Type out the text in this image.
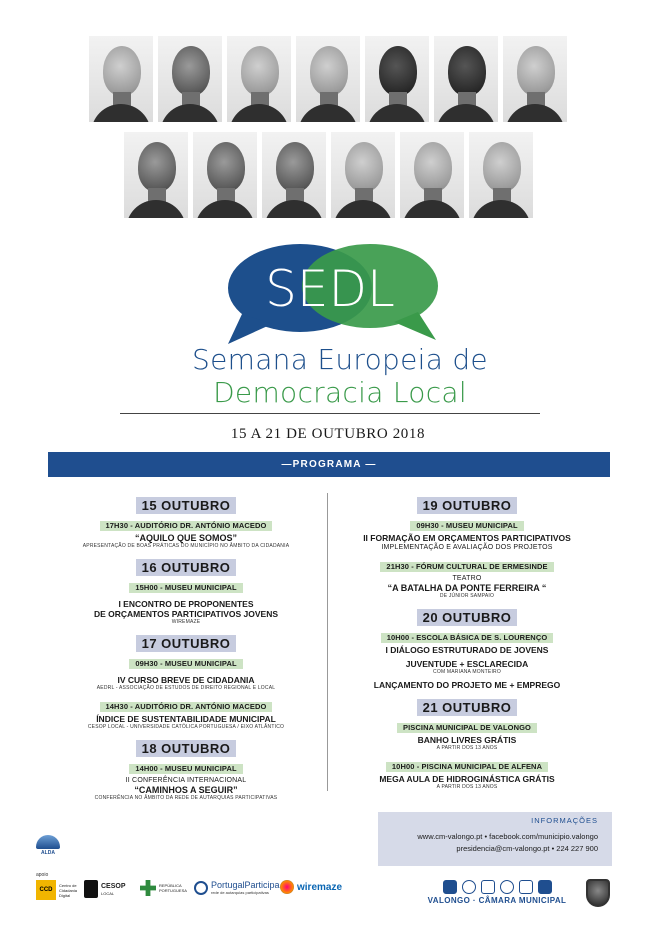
SEDL
Semana Europeia de
Democracia Local
15 A 21 DE OUTUBRO 2018
—PROGRAMA —
15 OUTUBRO
17H30 - AUDITÓRIO DR. ANTÓNIO MACEDO
“AQUILO QUE SOMOS”
APRESENTAÇÃO DE BOAS PRÁTICAS DO MUNICÍPIO NO ÂMBITO DA CIDADANIA
16 OUTUBRO
15H00 - MUSEU MUNICIPAL
I ENCONTRO DE PROPONENTES
DE ORÇAMENTOS PARTICIPATIVOS JOVENS
WIREMAZE
17 OUTUBRO
09H30 - MUSEU MUNICIPAL
IV CURSO BREVE DE CIDADANIA
AEDRL - ASSOCIAÇÃO DE ESTUDOS DE DIREITO REGIONAL E LOCAL
14H30 - AUDITÓRIO DR. ANTÓNIO MACEDO
ÍNDICE DE SUSTENTABILIDADE MUNICIPAL
CESOP LOCAL - UNIVERSIDADE CATÓLICA PORTUGUESA / EIXO ATLÂNTICO
18 OUTUBRO
14H00 - MUSEU MUNICIPAL
II CONFERÊNCIA INTERNACIONAL
“CAMINHOS A SEGUIR”
CONFERÊNCIA NO ÂMBITO DA REDE DE AUTARQUIAS PARTICIPATIVAS
19 OUTUBRO
09H30 - MUSEU MUNICIPAL
II FORMAÇÃO EM ORÇAMENTOS PARTICIPATIVOS
IMPLEMENTAÇÃO E AVALIAÇÃO DOS PROJETOS
21H30 - FÓRUM CULTURAL DE ERMESINDE
TEATRO
“A BATALHA DA PONTE FERREIRA “
DE JÚNIOR SAMPAIO
20 OUTUBRO
10H00 - ESCOLA BÁSICA DE S. LOURENÇO
I DIÁLOGO ESTRUTURADO DE JOVENS
JUVENTUDE + ESCLARECIDA
COM MARIANA MONTEIRO
LANÇAMENTO DO PROJETO ME + EMPREGO
21 OUTUBRO
PISCINA MUNICIPAL DE VALONGO
BANHO LIVRES GRÁTIS
A PARTIR DOS 13 ANOS
10H00 - PISCINA MUNICIPAL DE ALFENA
MEGA AULA DE HIDROGINÁSTICA GRÁTIS
A PARTIR DOS 13 ANOS
INFORMAÇÕES
www.cm-valongo.pt • facebook.com/municipio.valongo
presidencia@cm-valongo.pt • 224 227 900
ALDA
apoio
CCD
Centro de Cidadania Digital
CESOP
LOCAL
REPÚBLICA PORTUGUESA
PortugalParticipa
rede de autarquias participativas	wiremaze
VALONGO · CÂMARA MUNICIPAL
